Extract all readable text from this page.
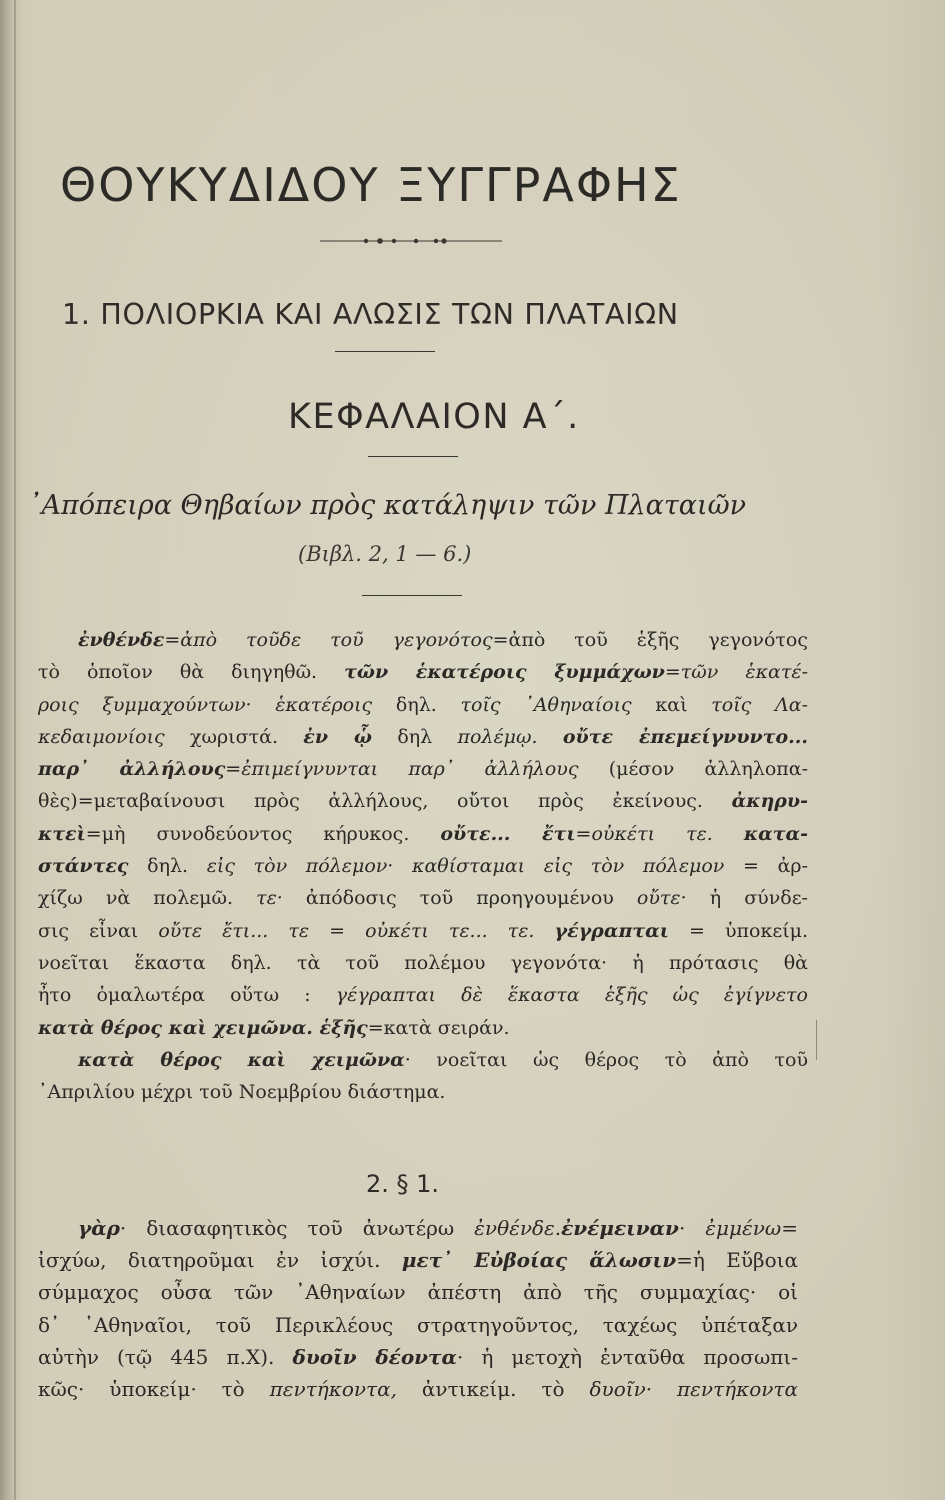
ΘΟΥΚΥΔΙΔΟΥ ΞΥΓΓΡΑΦΗΣ
1. ΠΟΛΙΟΡΚΙΑ ΚΑΙ ΑΛΩΣΙΣ ΤΩΝ ΠΛΑΤΑΙΩΝ
ΚΕΦΑΛΑΙΟΝ Α΄.
᾿Απόπειρα Θηβαίων πρὸς κατάληψιν τῶν Πλαταιῶν
(Βιβλ. 2, 1 — 6.)
ἐνθένδε=ἀπὸ τοῦδε τοῦ γεγονότος=ἀπὸ τοῦ ἑξῆς γεγονότος
τὸ ὁποῖον θὰ διηγηθῶ. τῶν ἑκατέροις ξυμμάχων=τῶν ἑκατέ-
ροις ξυμμαχούντων· ἑκατέροις δηλ. τοῖς ᾿Αθηναίοις καὶ τοῖς Λα-
κεδαιμονίοις χωριστά. ἐν ᾧ δηλ πολέμῳ. οὔτε ἐπεμείγνυντο...
παρ᾿ ἀλλήλους=ἐπιμείγνυνται παρ᾿ ἀλλήλους (μέσον ἀλληλοπα-
θὲς)=μεταβαίνουσι πρὸς ἀλλήλους, οὔτοι πρὸς ἐκείνους. ἀκηρυ-
κτεὶ=μὴ συνοδεύοντος κήρυκος. οὔτε... ἔτι=οὐκέτι τε. κατα-
στάντες δηλ. εἰς τὸν πόλεμον· καθίσταμαι εἰς τὸν πόλεμον = ἀρ-
χίζω νὰ πολεμῶ. τε· ἀπόδοσις τοῦ προηγουμένου οὔτε· ἡ σύνδε-
σις εἶναι οὔτε ἔτι... τε = οὐκέτι τε... τε. γέγραπται = ὑποκείμ.
νοεῖται ἕκαστα δηλ. τὰ τοῦ πολέμου γεγονότα· ἡ πρότασις θὰ
ἦτο ὁμαλωτέρα οὕτω : γέγραπται δὲ ἕκαστα ἑξῆς ὡς ἐγίγνετο
κατὰ θέρος καὶ χειμῶνα. ἑξῆς=κατὰ σειράν.
κατὰ θέρος καὶ χειμῶνα· νοεῖται ὡς θέρος τὸ ἀπὸ τοῦ
᾿Απριλίου μέχρι τοῦ Νοεμβρίου διάστημα.
2. § 1.
γὰρ· διασαφητικὸς τοῦ ἀνωτέρω ἐνθένδε.ἐνέμειναν· ἐμμένω=
ἰσχύω, διατηροῦμαι ἐν ἰσχύι. μετ᾿ Εὐβοίας ἅλωσιν=ἡ Εὔβοια
σύμμαχος οὖσα τῶν ᾿Αθηναίων ἀπέστη ἀπὸ τῆς συμμαχίας· οἱ
δ᾿ ᾿Αθηναῖοι, τοῦ Περικλέους στρατηγοῦντος, ταχέως ὑπέταξαν
αὐτὴν (τῷ 445 π.Χ). δυοῖν δέοντα· ἡ μετοχὴ ἐνταῦθα προσωπι-
κῶς· ὑποκείμ· τὸ πεντήκοντα, ἀντικείμ. τὸ δυοῖν· πεντήκοντα
